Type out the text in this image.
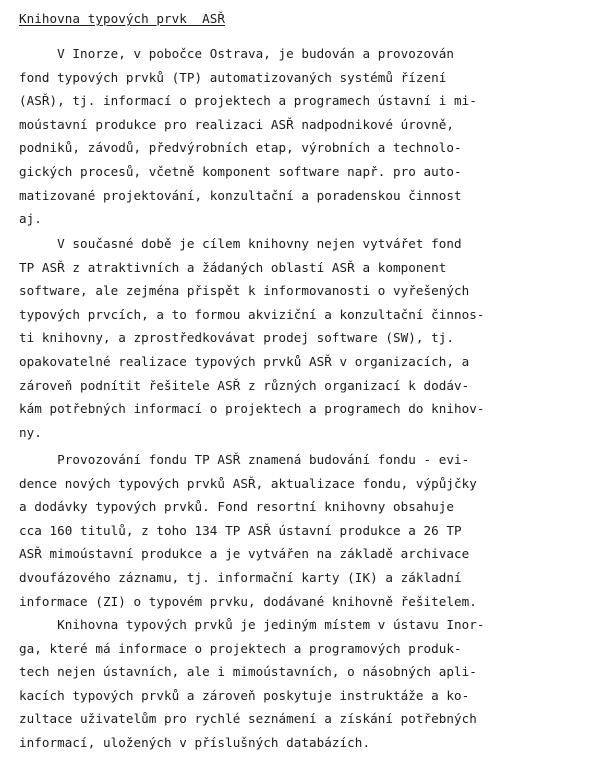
Knihovna typových prvk  ASŘ
V Inorze, v pobočce Ostrava, je budován a provozován
fond typových prvků (TP) automatizovaných systémů řízení
(ASŘ), tj. informací o projektech a programech ústavní i mi-
moústavní produkce pro realizaci ASŘ nadpodnikové úrovně,
podniků, závodů, předvýrobních etap, výrobních a technolo-
gických procesů, včetně komponent software např. pro auto-
matizované projektování, konzultační a poradenskou činnost
aj.
V současné době je cílem knihovny nejen vytvářet fond
TP ASŘ z atraktivních a žádaných oblastí ASŘ a komponent
software, ale zejména přispět k informovanosti o vyřešených
typových prvcích, a to formou akviziční a konzultační činnos-
ti knihovny, a zprostředkovávat prodej software (SW), tj.
opakovatelné realizace typových prvků ASŘ v organizacích, a
zároveň podnítit řešitele ASŘ z různých organizací k dodáv-
kám potřebných informací o projektech a programech do knihov-
ny.
Provozování fondu TP ASŘ znamená budování fondu - evi-
dence nových typových prvků ASŘ, aktualizace fondu, výpůjčky
a dodávky typových prvků. Fond resortní knihovny obsahuje
cca 160 titulů, z toho 134 TP ASŘ ústavní produkce a 26 TP
ASŘ mimoústavní produkce a je vytvářen na základě archivace
dvoufázového záznamu, tj. informační karty (IK) a základní
informace (ZI) o typovém prvku, dodávané knihovně řešitelem.
Knihovna typových prvků je jediným místem v ústavu Inor-
ga, které má informace o projektech a programových produk-
tech nejen ústavních, ale i mimoústavních, o násobných apli-
kacích typových prvků a zároveň poskytuje instruktáže a ko-
zultace uživatelům pro rychlé seznámení a získání potřebných
informací, uložených v příslušných databázích.
